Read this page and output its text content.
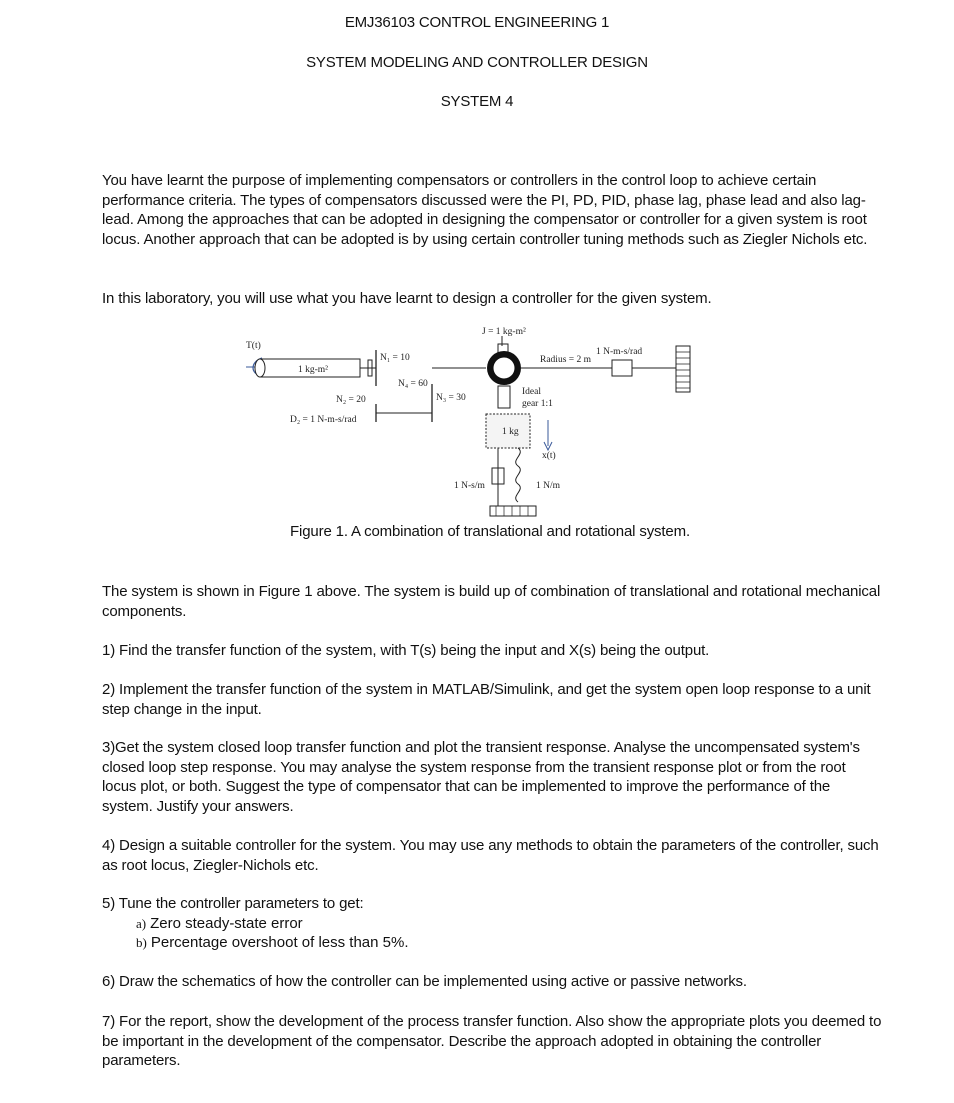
EMJ36103 CONTROL ENGINEERING 1
SYSTEM MODELING AND CONTROLLER DESIGN
SYSTEM 4

You have learnt the purpose of implementing compensators or controllers in the control loop to achieve certain performance criteria. The types of compensators discussed were the PI, PD, PID, phase lag, phase lead and also lag-lead. Among the approaches that can be adopted in designing the compensator or controller for a given system is root locus. Another approach that can be adopted is by using certain controller tuning methods such as Ziegler Nichols etc.

In this laboratory, you will use what you have learnt to design a controller for the given system.

T(t)
1 kg-m²
N₁ = 10
N₂ = 20
D₂ = 1 N-m-s/rad
N₃ = 30
N₄ = 60
J = 1 kg-m²
Radius = 2 m
1 N-m-s/rad
Ideal
gear 1:1
1 kg
x(t)
1 N-s/m	1 N/m
Figure 1. A combination of translational and rotational system.

The system is shown in Figure 1 above. The system is build up of combination of translational and rotational mechanical components.

1) Find the transfer function of the system, with T(s) being the input and X(s) being the output.

2) Implement the transfer function of the system in MATLAB/Simulink, and get the system open loop response to a unit step change in the input.

3)Get the system closed loop transfer function and plot the transient response. Analyse the uncompensated system's closed loop step response. You may analyse the system response from the transient response plot or from the root locus plot, or both. Suggest the type of compensator that can be implemented to improve the performance of the system. Justify your answers.

4) Design a suitable controller for the system. You may use any methods to obtain the parameters of the controller, such as root locus, Ziegler-Nichols etc.

5) Tune the controller parameters to get:

a) Zero steady-state error
b) Percentage overshoot of less than 5%.

6) Draw the schematics of how the controller can be implemented using active or passive networks.

7) For the report, show the development of the process transfer function. Also show the appropriate plots you deemed to be important in the development of the compensator. Describe the approach adopted in obtaining the controller parameters.
